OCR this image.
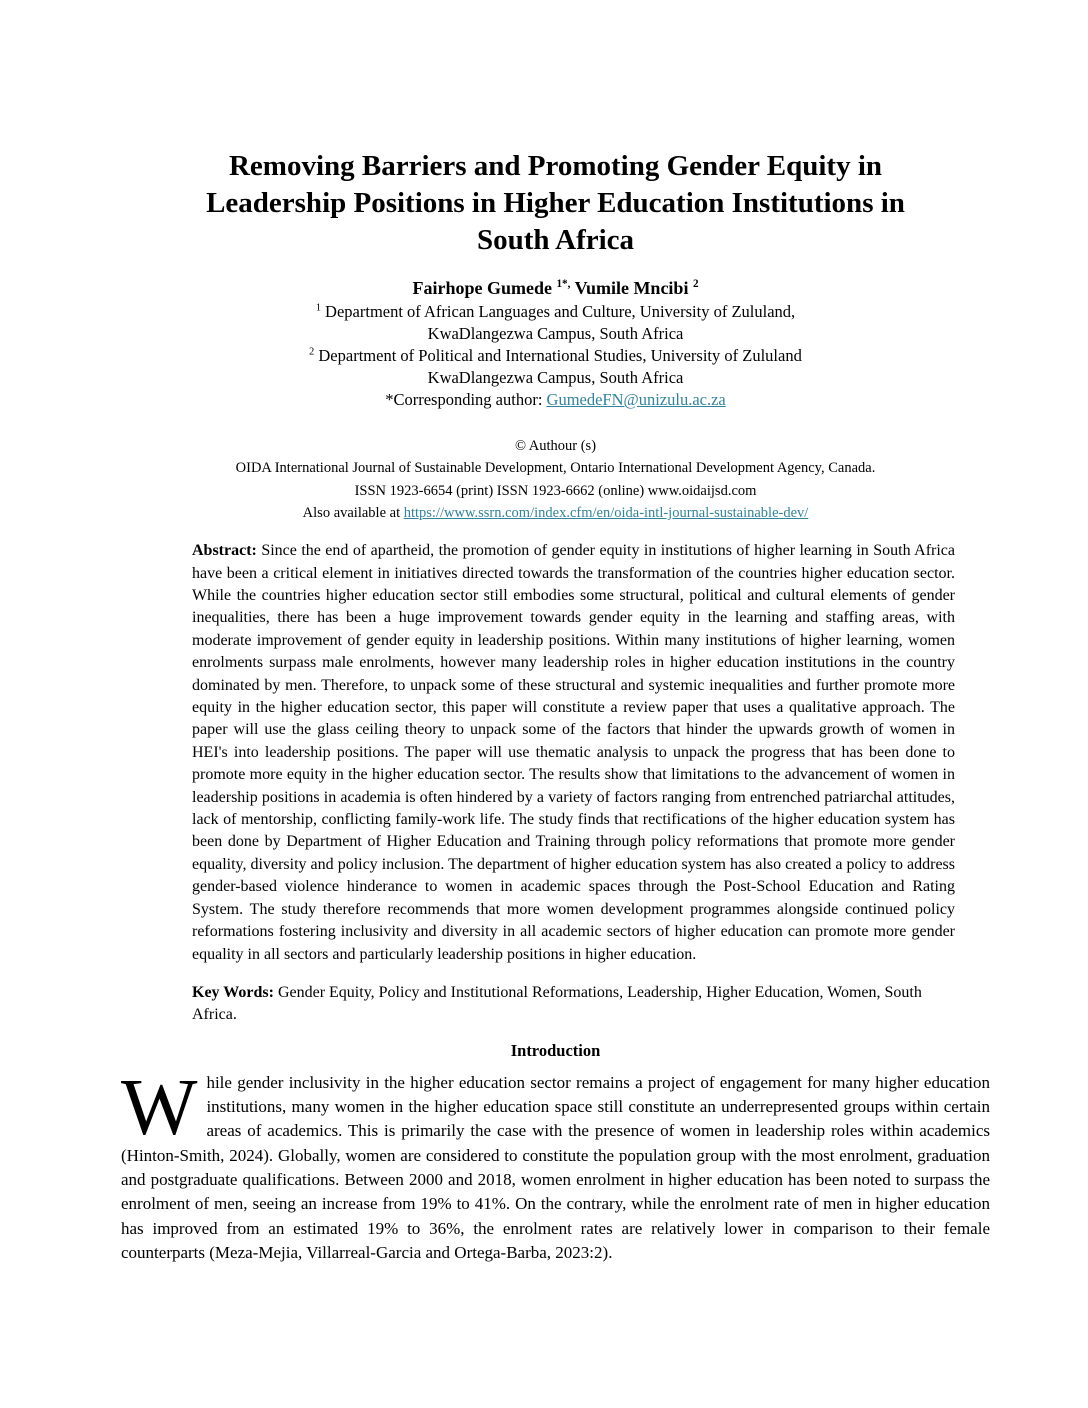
Removing Barriers and Promoting Gender Equity in
Leadership Positions in Higher Education Institutions in
South Africa
Fairhope Gumede $^{1*,}$ Vumile Mncibi $^2$
$^1$ Department of African Languages and Culture, University of Zululand,
KwaDlangezwa Campus, South Africa
$^2$ Department of Political and International Studies, University of Zululand
KwaDlangezwa Campus, South Africa
*Corresponding author: GumedeFN@unizulu.ac.za
© Authour (s)
OIDA International Journal of Sustainable Development, Ontario International Development Agency, Canada.
ISSN 1923-6654 (print) ISSN 1923-6662 (online) www.oidaijsd.com
Also available at https://www.ssrn.com/index.cfm/en/oida-intl-journal-sustainable-dev/

Abstract: Since the end of apartheid, the promotion of gender equity in institutions of higher learning in South Africa have been a critical element in initiatives directed towards the transformation of the countries higher education sector. While the countries higher education sector still embodies some structural, political and cultural elements of gender inequalities, there has been a huge improvement towards gender equity in the learning and staffing areas, with moderate improvement of gender equity in leadership positions. Within many institutions of higher learning, women enrolments surpass male enrolments, however many leadership roles in higher education institutions in the country dominated by men. Therefore, to unpack some of these structural and systemic inequalities and further promote more equity in the higher education sector, this paper will constitute a review paper that uses a qualitative approach. The paper will use the glass ceiling theory to unpack some of the factors that hinder the upwards growth of women in HEI's into leadership positions. The paper will use thematic analysis to unpack the progress that has been done to promote more equity in the higher education sector. The results show that limitations to the advancement of women in leadership positions in academia is often hindered by a variety of factors ranging from entrenched patriarchal attitudes, lack of mentorship, conflicting family-work life. The study finds that rectifications of the higher education system has been done by Department of Higher Education and Training through policy reformations that promote more gender equality, diversity and policy inclusion. The department of higher education system has also created a policy to address gender-based violence hinderance to women in academic spaces through the Post-School Education and Rating System. The study therefore recommends that more women development programmes alongside continued policy reformations fostering inclusivity and diversity in all academic sectors of higher education can promote more gender equality in all sectors and particularly leadership positions in higher education.

Key Words: Gender Equity, Policy and Institutional Reformations, Leadership, Higher Education, Women, South Africa.

Introduction

While gender inclusivity in the higher education sector remains a project of engagement for many higher education institutions, many women in the higher education space still constitute an underrepresented groups within certain areas of academics. This is primarily the case with the presence of women in leadership roles within academics (Hinton-Smith, 2024). Globally, women are considered to constitute the population group with the most enrolment, graduation and postgraduate qualifications. Between 2000 and 2018, women enrolment in higher education has been noted to surpass the enrolment of men, seeing an increase from 19% to 41%. On the contrary, while the enrolment rate of men in higher education has improved from an estimated 19% to 36%, the enrolment rates are relatively lower in comparison to their female counterparts (Meza-Mejia, Villarreal-Garcia and Ortega-Barba, 2023:2).
